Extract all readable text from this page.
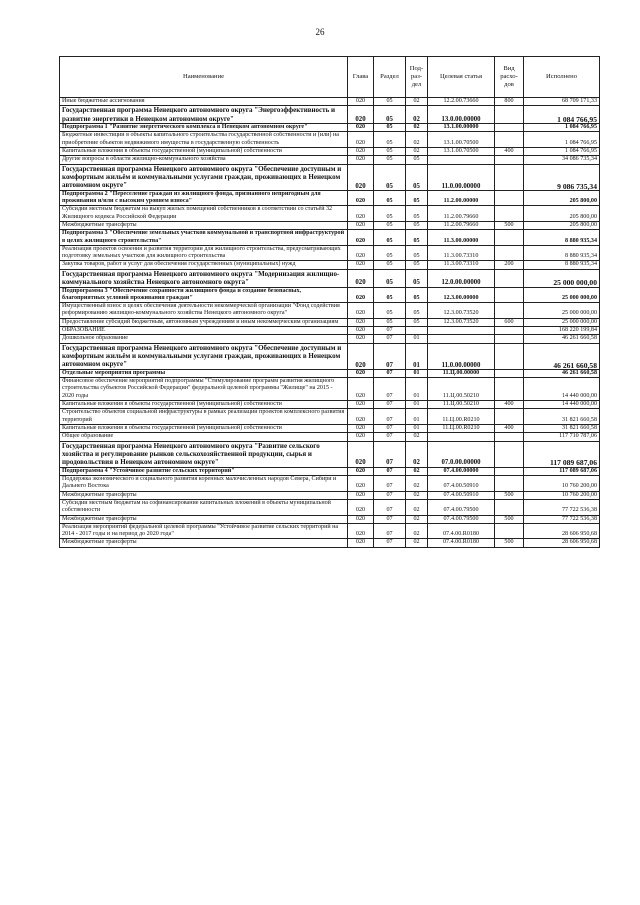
26
Наименование	Глава	Раздел	Под-раз-дел	Целевая статья	Вид расхо-дов	Исполнено
Иные бюджетные ассигнования	020	05	02	12.2.00.73660	800	68 709 171,33
Государственная программа Ненецкого автономного округа "Энергоэффективность и развитие энергетики в Ненецком автономном округе"	020	05	02	13.0.00.00000		1 084 766,95
Подпрограмма 1 "Развитие энергетического комплекса в Ненецком автономном округе"	020	05	02	13.1.00.00000		1 084 766,95
Бюджетные инвестиции в объекты капитального строительства государственной собственности и (или) на приобретение объектов недвижимого имущества в государственную собственность	020	05	02	13.1.00.70500		1 084 766,95
Капитальные вложения в объекты государственной (муниципальной) собственности	020	05	02	13.1.00.70500	400	1 084 766,95
Другие вопросы в области жилищно-коммунального хозяйства	020	05	05			34 086 735,34
Государственная программа Ненецкого автономного округа "Обеспечение доступным и комфортным жильём и коммунальными услугами граждан, проживающих в Ненецком автономном округе"	020	05	05	11.0.00.00000		9 086 735,34
Подпрограмма 2 "Переселение граждан из жилищного фонда, признанного непригодным для проживания и/или с высоким уровнем износа"	020	05	05	11.2.00.00000		205 800,00
Субсидии местным бюджетам на выкуп жилых помещений собственников в соответствии со статьёй 32 Жилищного кодекса Российской Федерации	020	05	05	11.2.00.79660		205 800,00
Межбюджетные трансферты	020	05	05	11.2.00.79660	500	205 800,00
Подпрограмма 3 "Обеспечение земельных участков коммунальной и транспортной инфраструктурой в целях жилищного строительства"	020	05	05	11.3.00.00000		8 880 935,34
Реализация проектов освоения и развития территории для жилищного строительства, предусматривающих подготовку земельных участков для жилищного строительства	020	05	05	11.3.00.73310		8 880 935,34
Закупка товаров, работ и услуг для обеспечения государственных (муниципальных) нужд	020	05	05	11.3.00.73310	200	8 880 935,34
Государственная программа Ненецкого автономного округа "Модернизация жилищно-коммунального хозяйства Ненецкого автономного округа"	020	05	05	12.0.00.00000		25 000 000,00
Подпрограмма 3 "Обеспечение сохранности жилищного фонда и создание безопасных, благоприятных условий проживания граждан"	020	05	05	12.3.00.00000		25 000 000,00
Имущественный взнос в целях обеспечения деятельности некоммерческой организации "Фонд содействия реформированию жилищно-коммунального хозяйства Ненецкого автономного округа"	020	05	05	12.3.00.73520		25 000 000,00
Предоставление субсидий бюджетным, автономным учреждениям и иным некоммерческим организациям	020	05	05	12.3.00.73520	600	25 000 000,00
ОБРАЗОВАНИЕ	020	07				168 220 199,84
Дошкольное образование	020	07	01			46 261 660,58
Государственная программа Ненецкого автономного округа "Обеспечение доступным и комфортным жильём и коммунальными услугами граждан, проживающих в Ненецком автономном округе"	020	07	01	11.0.00.00000		46 261 660,58
Отдельные мероприятия программы	020	07	01	11.Ц.00.00000		46 261 660,58
Финансовое обеспечение мероприятий подпрограммы "Стимулирование программ развития жилищного строительства субъектов Российской Федерации" федеральной целевой программы "Жилище" на 2015 - 2020 годы	020	07	01	11.Ц.00.50210		14 440 000,00
Капитальные вложения в объекты государственной (муниципальной) собственности	020	07	01	11.Ц.00.50210	400	14 440 000,00
Строительство объектов социальной инфраструктуры в рамках реализации проектов комплексного развития территорий	020	07	01	11.Ц.00.R0210		31 821 660,58
Капитальные вложения в объекты государственной (муниципальной) собственности	020	07	01	11.Ц.00.R0210	400	31 821 660,58
Общее образование	020	07	02			117 710 787,06
Государственная программа Ненецкого автономного округа "Развитие сельского хозяйства и регулирование рынков сельскохозяйственной продукции, сырья и продовольствия в Ненецком автономном округе"	020	07	02	07.0.00.00000		117 089 687,06
Подпрограмма 4 "Устойчивое развитие сельских территорий"	020	07	02	07.4.00.00000		117 089 687,06
Поддержка экономического и социального развития коренных малочисленных народов Севера, Сибири и Дальнего Востока	020	07	02	07.4.00.50910		10 760 200,00
Межбюджетные трансферты	020	07	02	07.4.00.50910	500	10 760 200,00
Субсидии местным бюджетам на софинансирование капитальных вложений в объекты муниципальной собственности	020	07	02	07.4.00.79500		77 722 536,38
Межбюджетные трансферты	020	07	02	07.4.00.79500	500	77 722 536,38
Реализация мероприятий федеральной целевой программы "Устойчивое развитие сельских территорий на 2014 - 2017 годы и на период до 2020 года"	020	07	02	07.4.00.R0180		28 606 950,68
Межбюджетные трансферты	020	07	02	07.4.00.R0180	500	28 606 950,68
